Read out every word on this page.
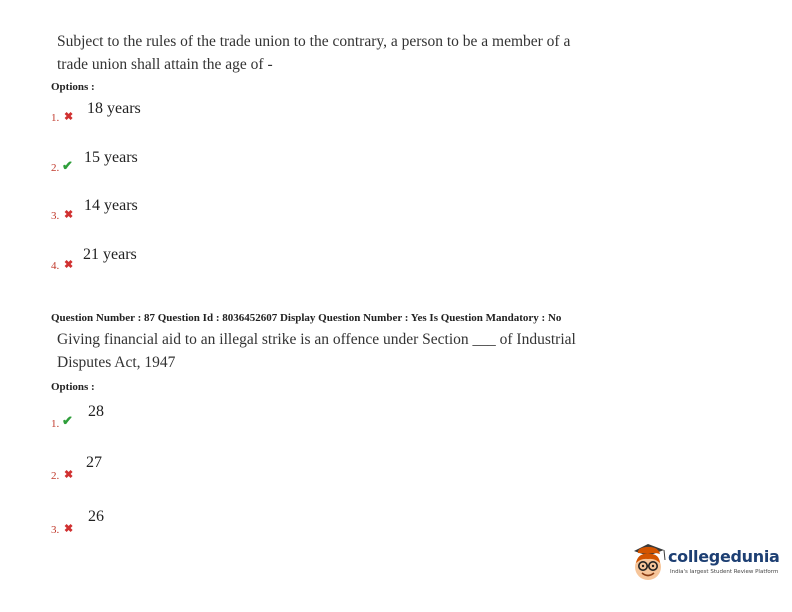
Subject to the rules of the trade union to the contrary, a person to be a member of a
trade union shall attain the age of -
Options :
1. ✖ 18 years
2. ✔ 15 years
3. ✖
14 years
4. ✖
21 years
Question Number : 87 Question Id : 8036452607 Display Question Number : Yes Is Question Mandatory : No
Giving financial aid to an illegal strike is an offence under Section ___ of Industrial
Disputes Act, 1947
Options :
1. ✔
28
2. ✖
27
3. ✖
26
collegedunia
India's largest Student Review Platform
